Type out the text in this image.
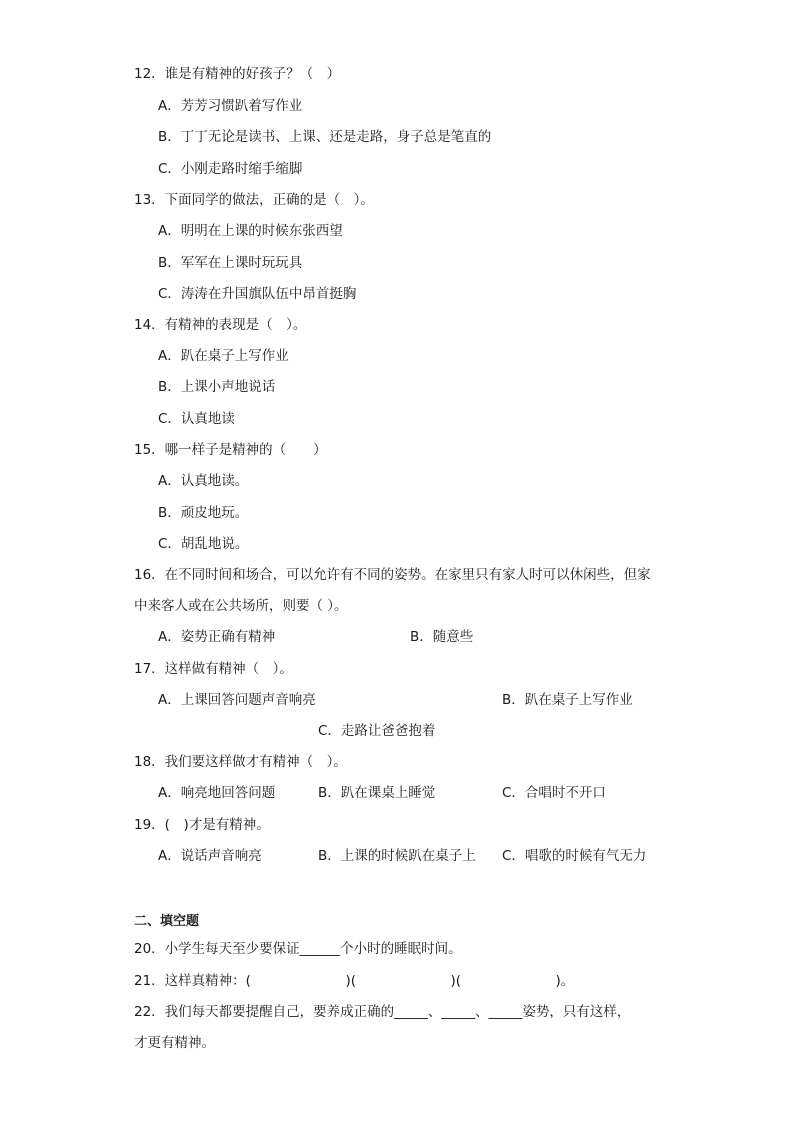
12．谁是有精神的好孩子？（　）
A．芳芳习惯趴着写作业
B．丁丁无论是读书、上课、还是走路，身子总是笔直的
C．小刚走路时缩手缩脚
13．下面同学的做法，正确的是（　）。
A．明明在上课的时候东张西望
B．军军在上课时玩玩具
C．涛涛在升国旗队伍中昂首挺胸
14．有精神的表现是（　）。
A．趴在桌子上写作业
B．上课小声地说话
C．认真地读
15．哪一样子是精神的（　　）
A．认真地读。
B．顽皮地玩。
C．胡乱地说。
16．在不同时间和场合，可以允许有不同的姿势。在家里只有家人时可以休闲些，但家
中来客人或在公共场所，则要（ ）。
A．姿势正确有精神	B．随意些
17．这样做有精神（　）。
A．上课回答问题声音响亮	B．趴在桌子上写作业
C．走路让爸爸抱着
18．我们要这样做才有精神（　）。
A．响亮地回答问题	B．趴在课桌上睡觉	C．合唱时不开口
19．(　)才是有精神。
A．说话声音响亮	B．上课的时候趴在桌子上 C．唱歌的时候有气无力
二、填空题
20．小学生每天至少要保证______个小时的睡眠时间。
21．这样真精神：(　　　　　　　)(　　　　　　　)(　　　　　　　)。
22．我们每天都要提醒自己，要养成正确的_____、_____、_____姿势，只有这样，
才更有精神。
